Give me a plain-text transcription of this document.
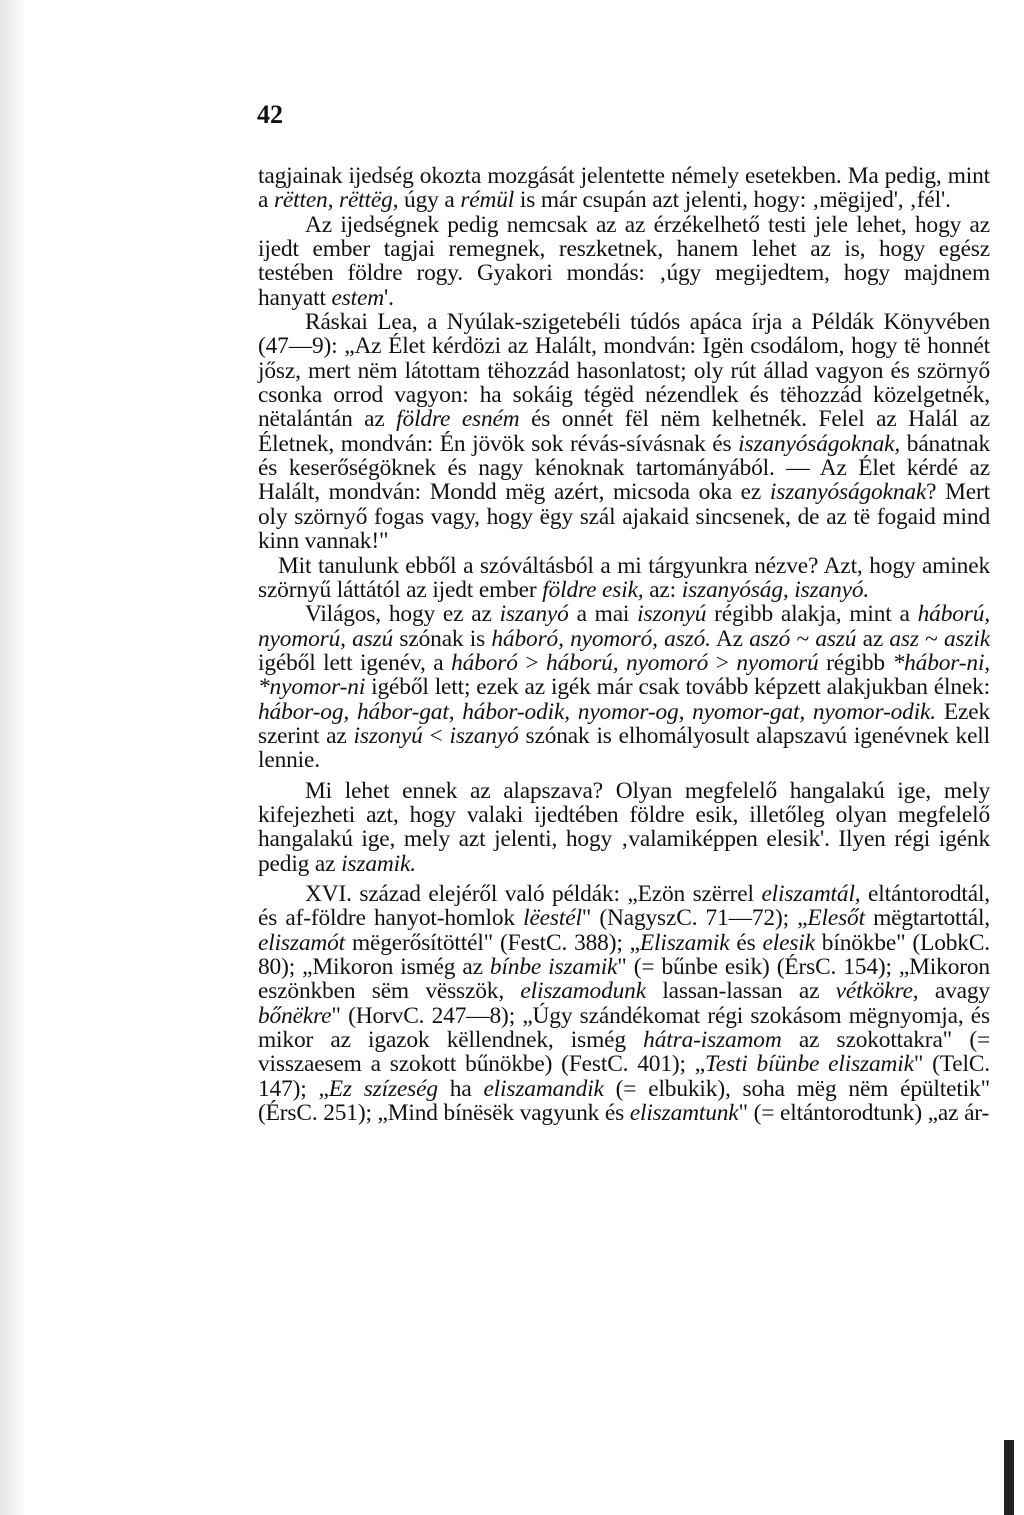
42

tagjainak ijedség okozta mozgását jelentette némely esetekben. Ma pedig, mint a rëtten, rëttëg, úgy a rémül is már csupán azt jelenti, hogy: ‚mëgijed', ‚fél'.

Az ijedségnek pedig nemcsak az az érzékelhető testi jele lehet, hogy az ijedt ember tagjai remegnek, reszketnek, hanem lehet az is, hogy egész testében földre rogy. Gyakori mondás: ‚úgy megijedtem, hogy majdnem hanyatt estem'.

Ráskai Lea, a Nyúlak-szigetebéli túdós apáca írja a Példák Könyvében (47—9): „Az Élet kérdözi az Halált, mondván: Igën csodálom, hogy të honnét jősz, mert nëm látottam tëhozzád hasonlatost; oly rút állad vagyon és szörnyő csonka orrod vagyon: ha sokáig tégëd nézendlek és tëhozzád közelgetnék, nëtalántán az földre esném és onnét fël nëm kelhetnék. Felel az Halál az Életnek, mondván: Én jövök sok révás-sívásnak és iszanyóságoknak, bánatnak és keserőségöknek és nagy kénoknak tartományából. — Az Élet kérdé az Halált, mondván: Mondd mëg azért, micsoda oka ez iszanyóságoknak? Mert oly szörnyő fogas vagy, hogy ëgy szál ajakaid sincsenek, de az të fogaid mind kinn vannak!"

Mit tanulunk ebből a szóváltásból a mi tárgyunkra nézve? Azt, hogy aminek szörnyű láttától az ijedt ember földre esik, az: iszanyóság, iszanyó.

Világos, hogy ez az iszanyó a mai iszonyú régibb alakja, mint a háború, nyomorú, aszú szónak is háboró, nyomoró, aszó. Az aszó ~ aszú az asz ~ aszik igéből lett igenév, a háboró > háború, nyomoró > nyomorú régibb *hábor-ni, *nyomor-ni igéből lett; ezek az igék már csak tovább képzett alakjukban élnek: hábor-og, hábor-gat, hábor-odik, nyomor-og, nyomor-gat, nyomor-odik. Ezek szerint az iszonyú < iszanyó szónak is elhomályosult alapszavú igenévnek kell lennie.

Mi lehet ennek az alapszava? Olyan megfelelő hangalakú ige, mely kifejezheti azt, hogy valaki ijedtében földre esik, illetőleg olyan megfelelő hangalakú ige, mely azt jelenti, hogy ‚valamiképpen elesik'. Ilyen régi igénk pedig az iszamik.

XVI. század elejéről való példák: „Ezön szërrel eliszamtál, eltántorodtál, és af-földre hanyot-homlok lëestél" (NagyszC. 71—72); „Elesőt mëgtartottál, eliszamót mëgerősítöttél" (FestC. 388); „Eliszamik és elesik bínökbe" (LobkC. 80); „Mikoron ismég az bínbe iszamik" (= bűnbe esik) (ÉrsC. 154); „Mikoron eszönkben sëm vësszök, eliszamodunk lassan-lassan az vétkökre, avagy bőnëkre" (HorvC. 247—8); „Úgy szándékomat régi szokásom mëgnyomja, és mikor az igazok këllendnek, ismég hátra-iszamom az szokottakra" (= visszaesem a szokott bűnökbe) (FestC. 401); „Testi bíünbe eliszamik" (TelC. 147); „Ez szízeség ha eliszamandik (= elbukik), soha mëg nëm épültetik" (ÉrsC. 251); „Mind bínësëk vagyunk és eliszamtunk" (= eltántorodtunk) „az ár-
